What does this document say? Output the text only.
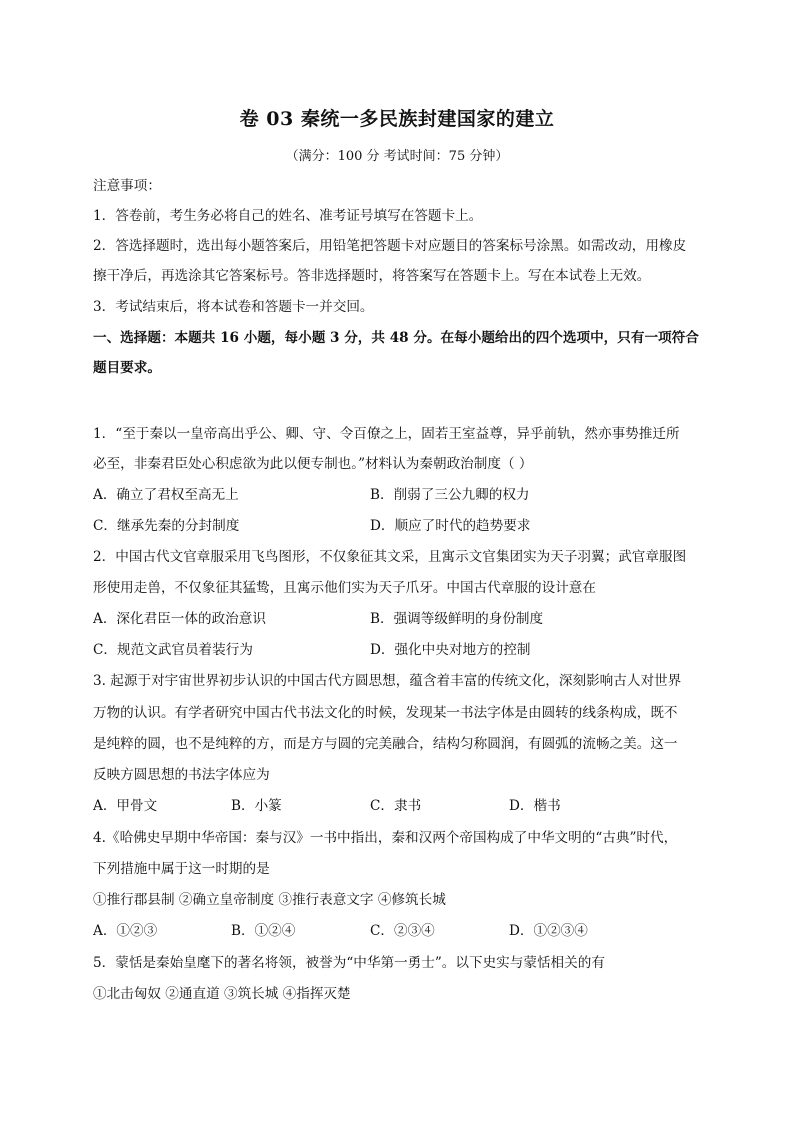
卷 03 秦统一多民族封建国家的建立
（满分：100 分 考试时间：75 分钟）
注意事项：
1．答卷前，考生务必将自己的姓名、准考证号填写在答题卡上。
2．答选择题时，选出每小题答案后，用铅笔把答题卡对应题目的答案标号涂黑。如需改动，用橡皮
擦干净后，再选涂其它答案标号。答非选择题时，将答案写在答题卡上。写在本试卷上无效。
3．考试结束后，将本试卷和答题卡一并交回。
一、选择题：本题共 16 小题，每小题 3 分，共 48 分。在每小题给出的四个选项中，只有一项符合
题目要求。
1．“至于秦以一皇帝高出乎公、卿、守、令百僚之上，固若王室益尊，异乎前轨，然亦事势推迁所
必至，非秦君臣处心积虑欲为此以便专制也。”材料认为秦朝政治制度（ ）
A．确立了君权至高无上	B．削弱了三公九卿的权力
C．继承先秦的分封制度	D．顺应了时代的趋势要求
2．中国古代文官章服采用飞鸟图形，不仅象征其文采，且寓示文官集团实为天子羽翼；武官章服图
形使用走兽，不仅象征其猛鸷，且寓示他们实为天子爪牙。中国古代章服的设计意在
A．深化君臣一体的政治意识	B．强调等级鲜明的身份制度
C．规范文武官员着装行为	D．强化中央对地方的控制
3. 起源于对宇宙世界初步认识的中国古代方圆思想，蕴含着丰富的传统文化，深刻影响古人对世界
万物的认识。有学者研究中国古代书法文化的时候，发现某一书法字体是由圆转的线条构成，既不
是纯粹的圆，也不是纯粹的方，而是方与圆的完美融合，结构匀称圆润，有圆弧的流畅之美。这一
反映方圆思想的书法字体应为
A．甲骨文	B．小篆	C．隶书	D．楷书
4.《哈佛史早期中华帝国：秦与汉》一书中指出，秦和汉两个帝国构成了中华文明的“古典”时代，
下列措施中属于这一时期的是
①推行郡县制 ②确立皇帝制度 ③推行表意文字 ④修筑长城
A．①②③	B．①②④	C．②③④	D．①②③④
5．蒙恬是秦始皇麾下的著名将领，被誉为“中华第一勇士”。以下史实与蒙恬相关的有
①北击匈奴 ②通直道 ③筑长城 ④指挥灭楚
